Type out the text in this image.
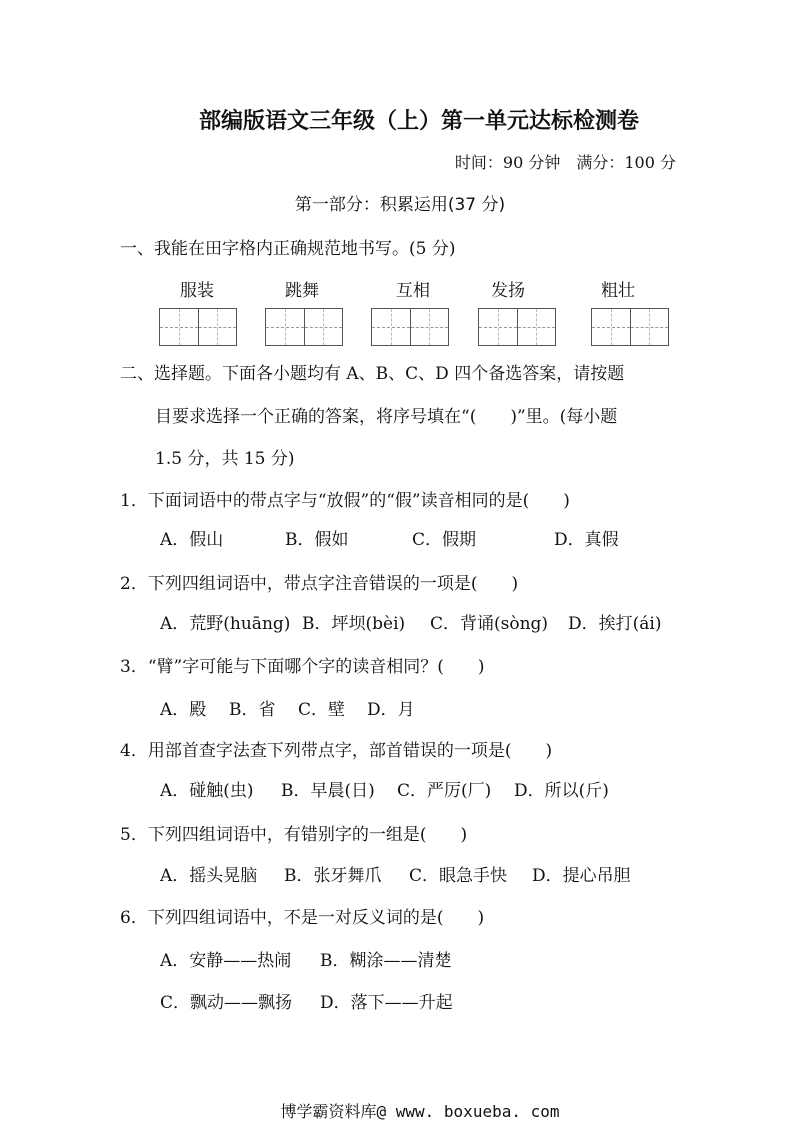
部编版语文三年级（上）第一单元达标检测卷
时间：90 分钟　满分：100 分
第一部分：积累运用(37 分)
一、我能在田字格内正确规范地书写。(5 分)
服装	跳舞	互相	发扬	粗壮
二、选择题。下面各小题均有 A、B、C、D 四个备选答案，请按题
目要求选择一个正确的答案，将序号填在“(　　)”里。(每小题
1.5 分，共 15 分)
1．下面词语中的带点字与“放假”的“假”读音相同的是(　　)
A．假山	B．假如	C．假期	D．真假
2．下列四组词语中，带点字注音错误的一项是(　　)
A．荒野(huāng) B．坪坝(bèi) C．背诵(sòng) D．挨打(ái)
3．“臂”字可能与下面哪个字的读音相同？(　　)
A．殿 B．省 C．壁 D．月
4．用部首查字法查下列带点字，部首错误的一项是(　　)
A．碰触(虫) B．早晨(日) C．严厉(厂) D．所以(斤)
5．下列四组词语中，有错别字的一组是(　　)
A．摇头晃脑 B．张牙舞爪 C．眼急手快 D．提心吊胆
6．下列四组词语中，不是一对反义词的是(　　)
A．安静——热闹 B．糊涂——清楚
C．飘动——飘扬 D．落下——升起
博学霸资料库@ www. boxueba. com
